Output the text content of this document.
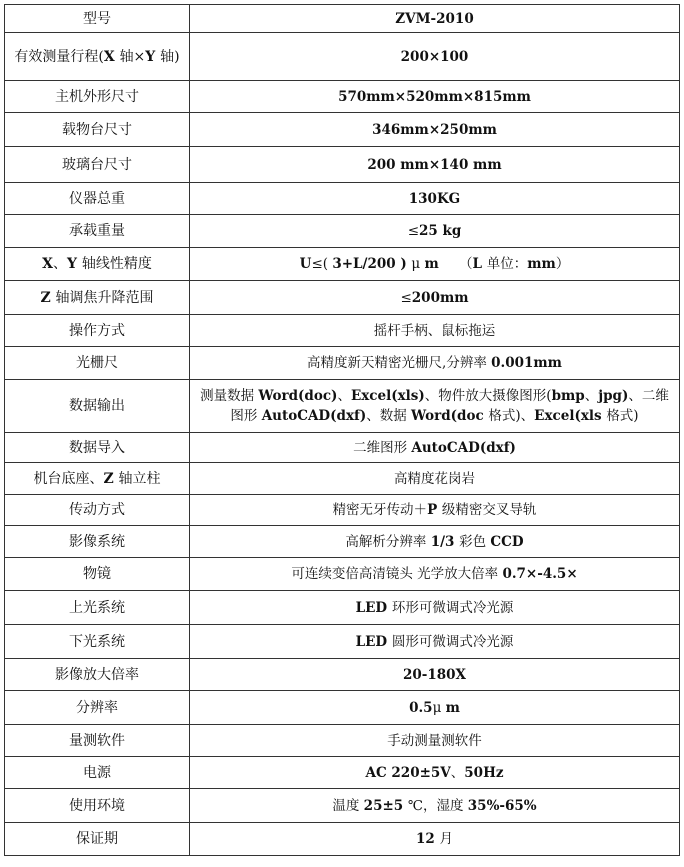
型号	ZVM-2010
有效测量行程(X 轴×Y 轴)	200×100
主机外形尺寸	570mm×520mm×815mm
载物台尺寸	346mm×250mm
玻璃台尺寸	200 mm×140 mm
仪器总重	130KG
承载重量	≤25 kg
X、Y 轴线性精度	U≤( 3+L/200 ) μ m　　（L 单位：mm）
Z 轴调焦升降范围	≤200mm
操作方式	摇杆手柄、鼠标拖运
光栅尺	高精度新天精密光栅尺,分辨率 0.001mm
数据输出	测量数据 Word(doc)、Excel(xls)、物件放大摄像图形(bmp、jpg)、二维图形 AutoCAD(dxf)、数据 Word(doc 格式)、Excel(xls 格式)
数据导入	二维图形 AutoCAD(dxf)
机台底座、Z 轴立柱	高精度花岗岩
传动方式	精密无牙传动＋P 级精密交叉导轨
影像系统	高解析分辨率 1/3 彩色 CCD
物镜	可连续变倍高清镜头 光学放大倍率 0.7×-4.5×
上光系统	LED 环形可微调式冷光源
下光系统	LED 圆形可微调式冷光源
影像放大倍率	20-180X
分辨率	0.5μ m
量测软件	手动测量测软件
电源	AC 220±5V、50Hz
使用环境	温度 25±5 ℃，湿度 35%-65%
保证期	12 月
